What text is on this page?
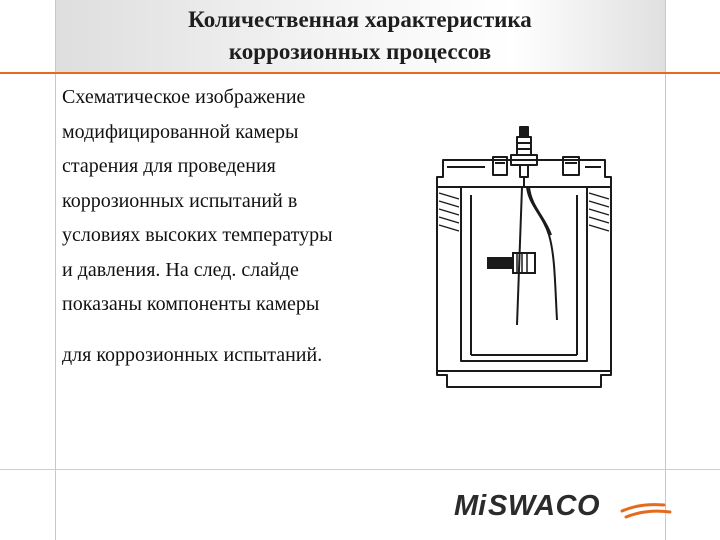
Количественная характеристика
коррозионных процессов
Схематическое изображение
модифицированной камеры
старения для проведения
коррозионных испытаний в
условиях высоких температуры
и давления. На след. слайде
показаны компоненты камеры
для коррозионных испытаний.
Mi SWACO
